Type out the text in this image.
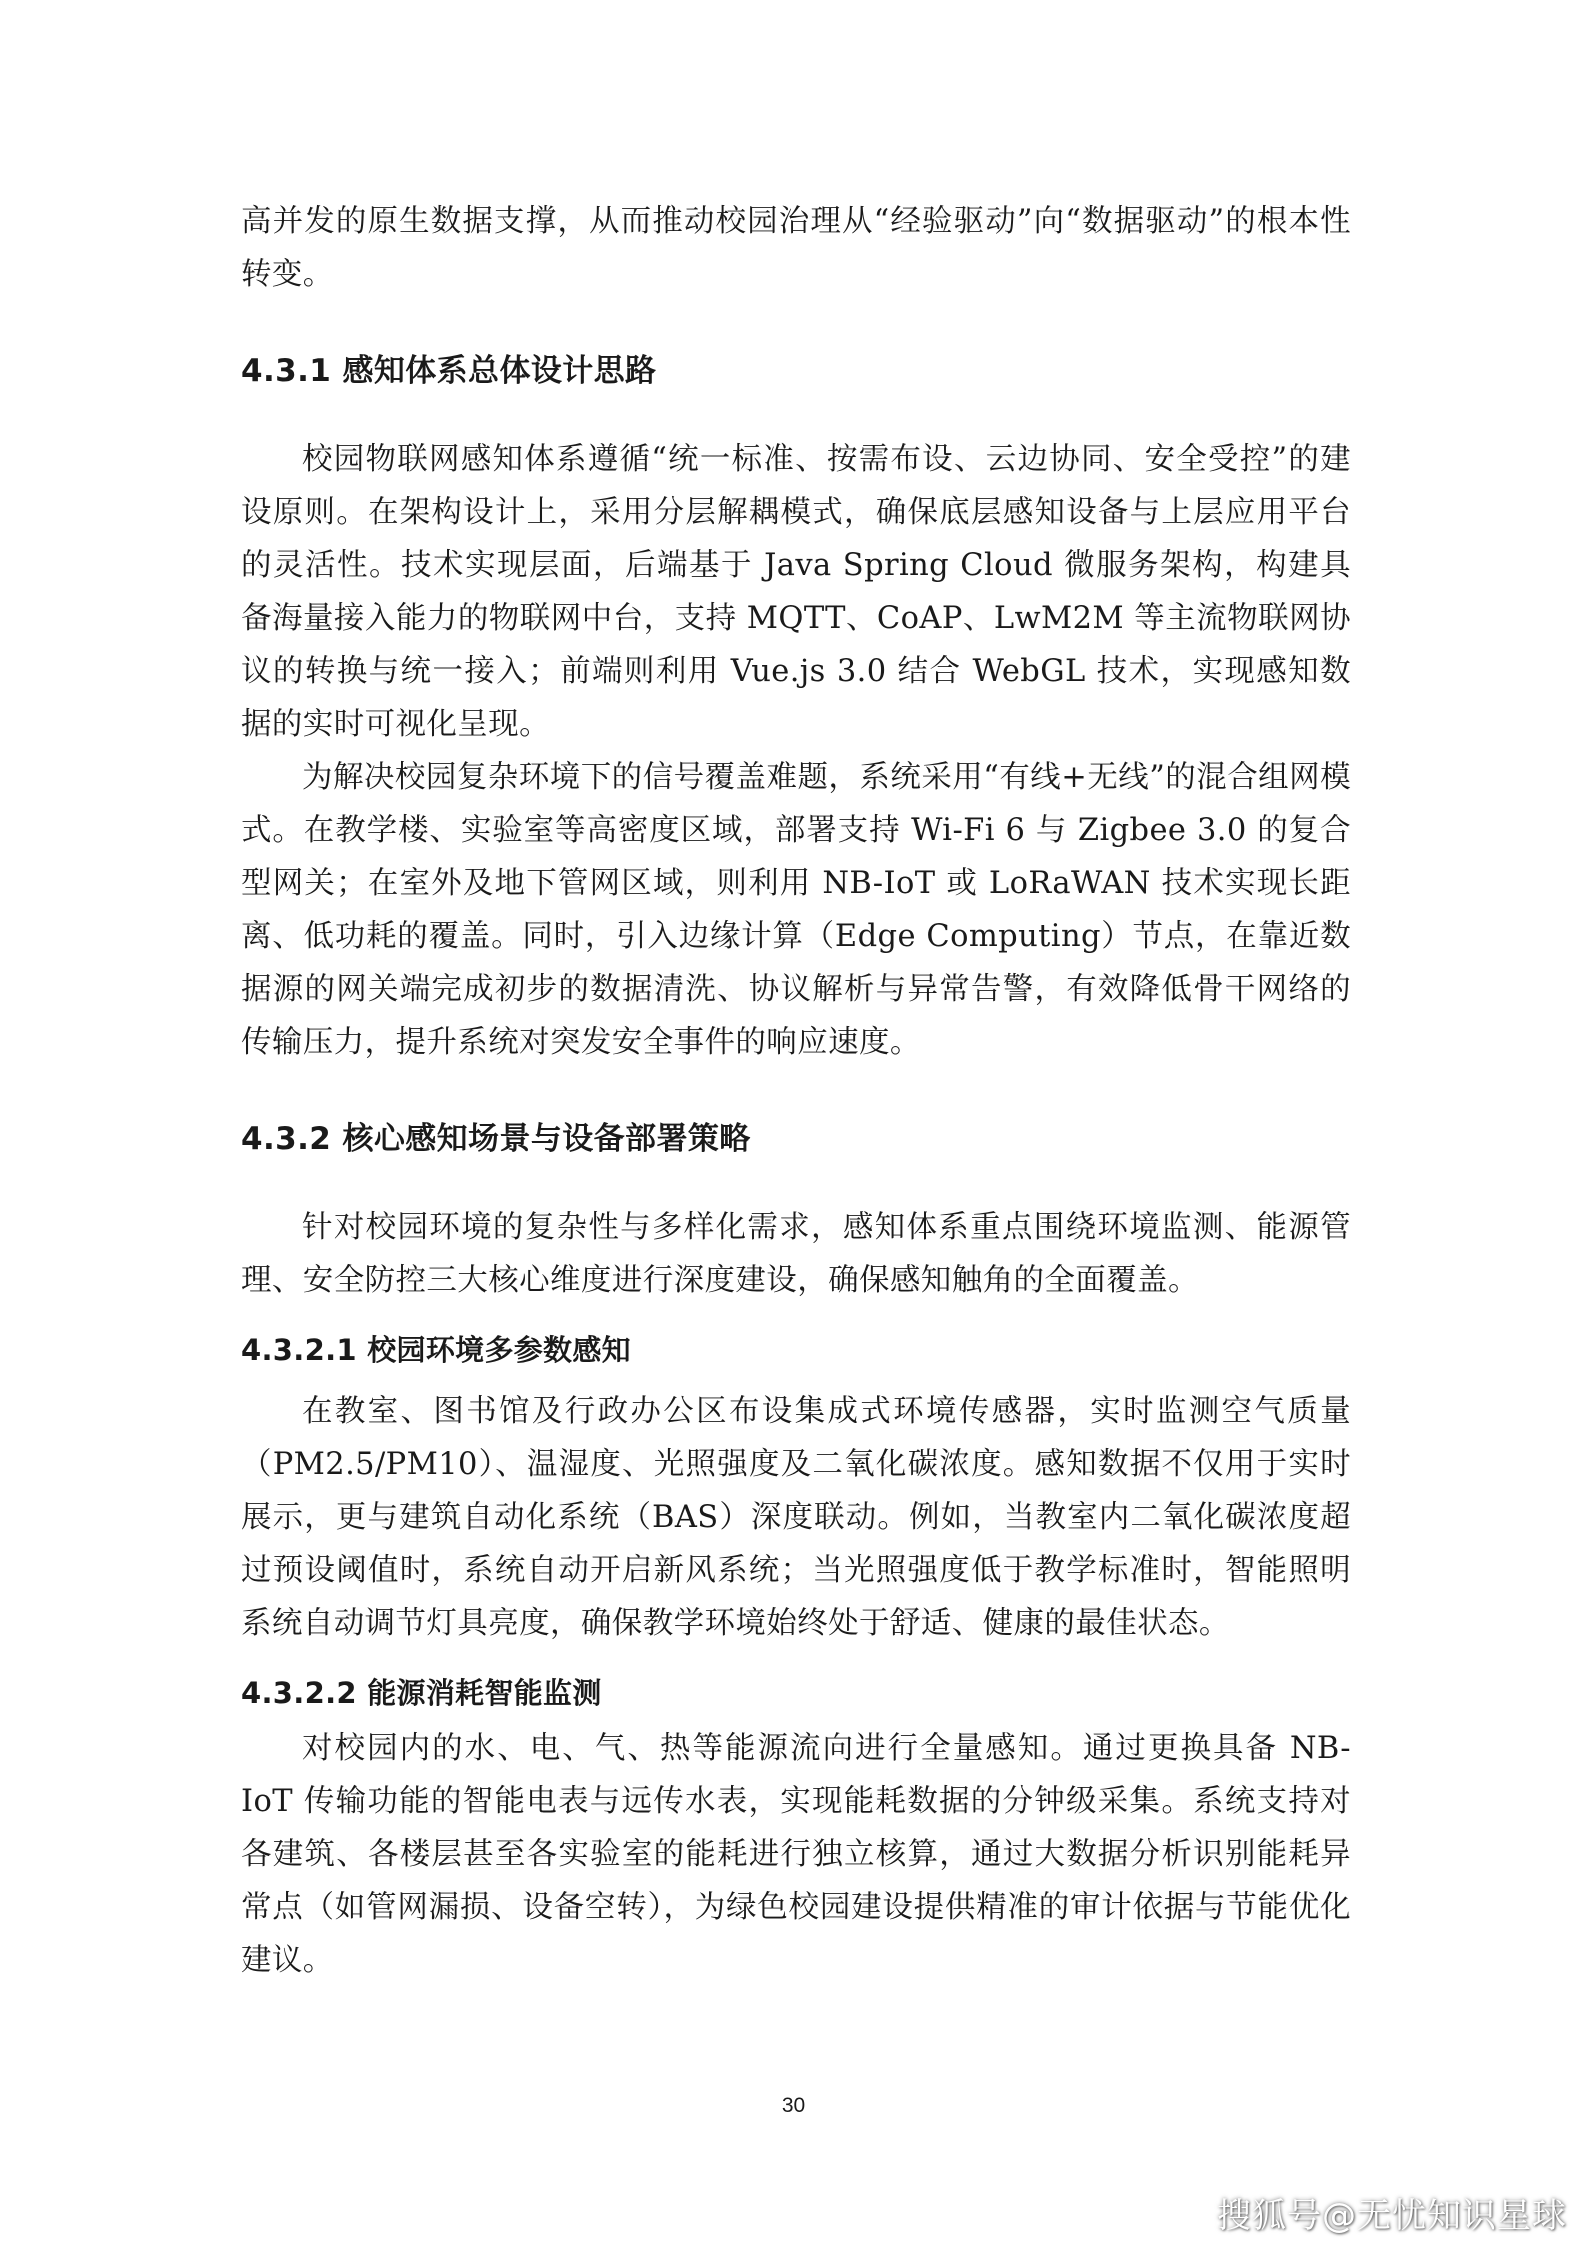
高并发的原生数据支撑，从而推动校园治理从“经验驱动”向“数据驱动”的根本性转变。

4.3.1 感知体系总体设计思路

校园物联网感知体系遵循“统一标准、按需布设、云边协同、安全受控”的建设原则。在架构设计上，采用分层解耦模式，确保底层感知设备与上层应用平台的灵活性。技术实现层面，后端基于 Java Spring Cloud 微服务架构，构建具备海量接入能力的物联网中台，支持 MQTT、CoAP、LwM2M 等主流物联网协议的转换与统一接入；前端则利用 Vue.js 3.0 结合 WebGL 技术，实现感知数据的实时可视化呈现。

为解决校园复杂环境下的信号覆盖难题，系统采用“有线+无线”的混合组网模式。在教学楼、实验室等高密度区域，部署支持 Wi-Fi 6 与 Zigbee 3.0 的复合型网关；在室外及地下管网区域，则利用 NB-IoT 或 LoRaWAN 技术实现长距离、低功耗的覆盖。同时，引入边缘计算（Edge Computing）节点，在靠近数据源的网关端完成初步的数据清洗、协议解析与异常告警，有效降低骨干网络的传输压力，提升系统对突发安全事件的响应速度。

4.3.2 核心感知场景与设备部署策略

针对校园环境的复杂性与多样化需求，感知体系重点围绕环境监测、能源管理、安全防控三大核心维度进行深度建设，确保感知触角的全面覆盖。

4.3.2.1 校园环境多参数感知

在教室、图书馆及行政办公区布设集成式环境传感器，实时监测空气质量（PM2.5/PM10）、温湿度、光照强度及二氧化碳浓度。感知数据不仅用于实时展示，更与建筑自动化系统（BAS）深度联动。例如，当教室内二氧化碳浓度超过预设阈值时，系统自动开启新风系统；当光照强度低于教学标准时，智能照明系统自动调节灯具亮度，确保教学环境始终处于舒适、健康的最佳状态。

4.3.2.2 能源消耗智能监测

对校园内的水、电、气、热等能源流向进行全量感知。通过更换具备 NB-IoT 传输功能的智能电表与远传水表，实现能耗数据的分钟级采集。系统支持对各建筑、各楼层甚至各实验室的能耗进行独立核算，通过大数据分析识别能耗异常点（如管网漏损、设备空转），为绿色校园建设提供精准的审计依据与节能优化建议。

30
搜狐号@无忧知识星球
